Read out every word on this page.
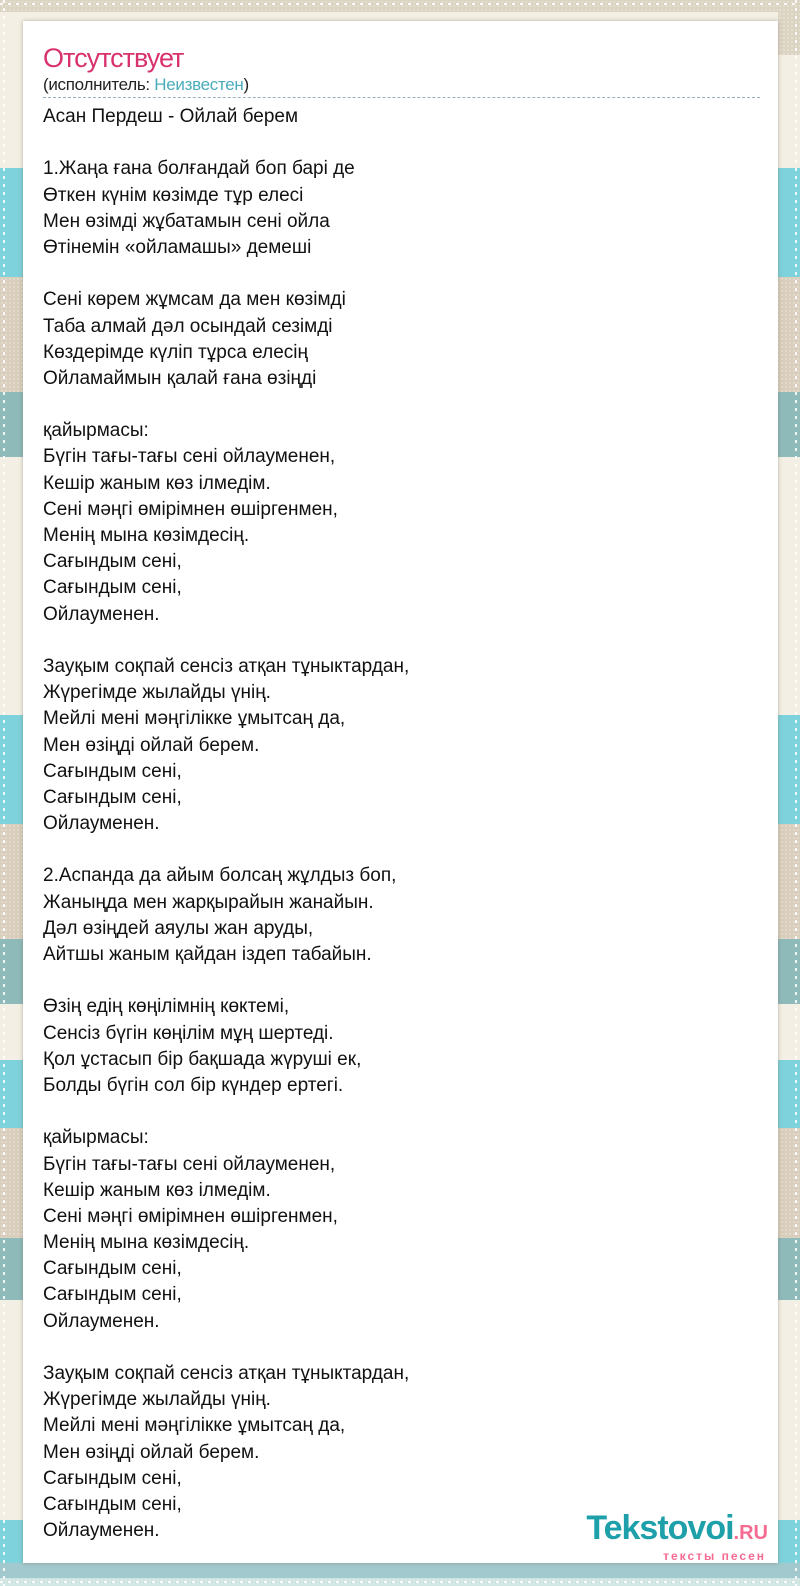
Отсутствует
(исполнитель: Неизвестен)
Асан Пердеш - Ойлай берем
1.Жаңа ғана болғандай боп барі де
Өткен күнім көзімде тұр елесі
Мен өзімді жұбатамын сені ойла
Өтінемін «ойламашы» демеші
Сені көрем жұмсам да мен көзімді
Таба алмай дәл осындай сезімді
Көздерімде күліп тұрса елесің
Ойламаймын қалай ғана өзіңді
қайырмасы:
Бүгін тағы-тағы сені ойлауменен,
Кешір жаным көз ілмедім.
Сені мәңгі өмірімнен өшіргенмен,
Менің мына көзімдесің.
Сағындым сені,
Сағындым сені,
Ойлауменен.
Зауқым соқпай сенсіз атқан тұныктардан,
Жүрегімде жылайды үнің.
Мейлі мені мәңгілікке ұмытсаң да,
Мен өзіңді ойлай берем.
Сағындым сені,
Сағындым сені,
Ойлауменен.
2.Аспанда да айым болсаң жұлдыз боп,
Жаныңда мен жарқырайын жанайын.
Дәл өзіңдей аяулы жан аруды,
Айтшы жаным қайдан іздеп табайын.
Өзің едің көңілімнің көктемі,
Сенсіз бүгін көңілім мұң шертеді.
Қол ұстасып бір бақшада жүруші ек,
Болды бүгін сол бір күндер ертегі.
қайырмасы:
Бүгін тағы-тағы сені ойлауменен,
Кешір жаным көз ілмедім.
Сені мәңгі өмірімнен өшіргенмен,
Менің мына көзімдесің.
Сағындым сені,
Сағындым сені,
Ойлауменен.
Зауқым соқпай сенсіз атқан тұныктардан,
Жүрегімде жылайды үнің.
Мейлі мені мәңгілікке ұмытсаң да,
Мен өзіңді ойлай берем.
Сағындым сені,
Сағындым сені,
Ойлауменен.	Tekstovoi.RU
тексты песен
